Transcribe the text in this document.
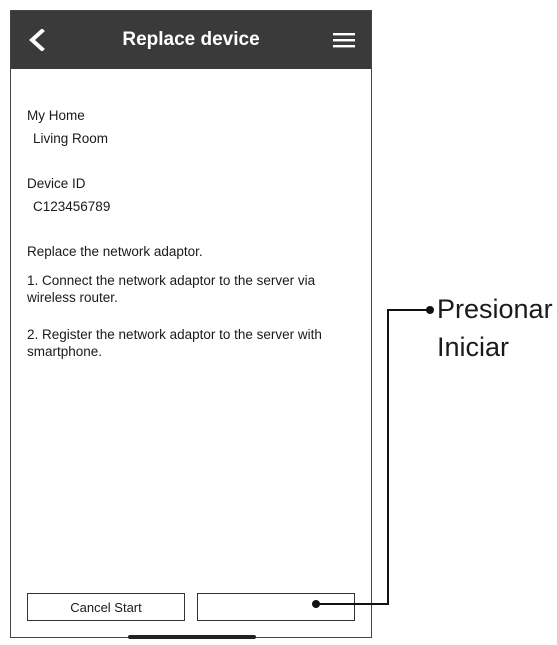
Replace device

My Home

Living Room

Device ID

C123456789

Replace the network adaptor.

1. Connect the network adaptor to the server via wireless router.

2. Register the network adaptor to the server with smartphone.

Cancel Start
Presionar
Iniciar
